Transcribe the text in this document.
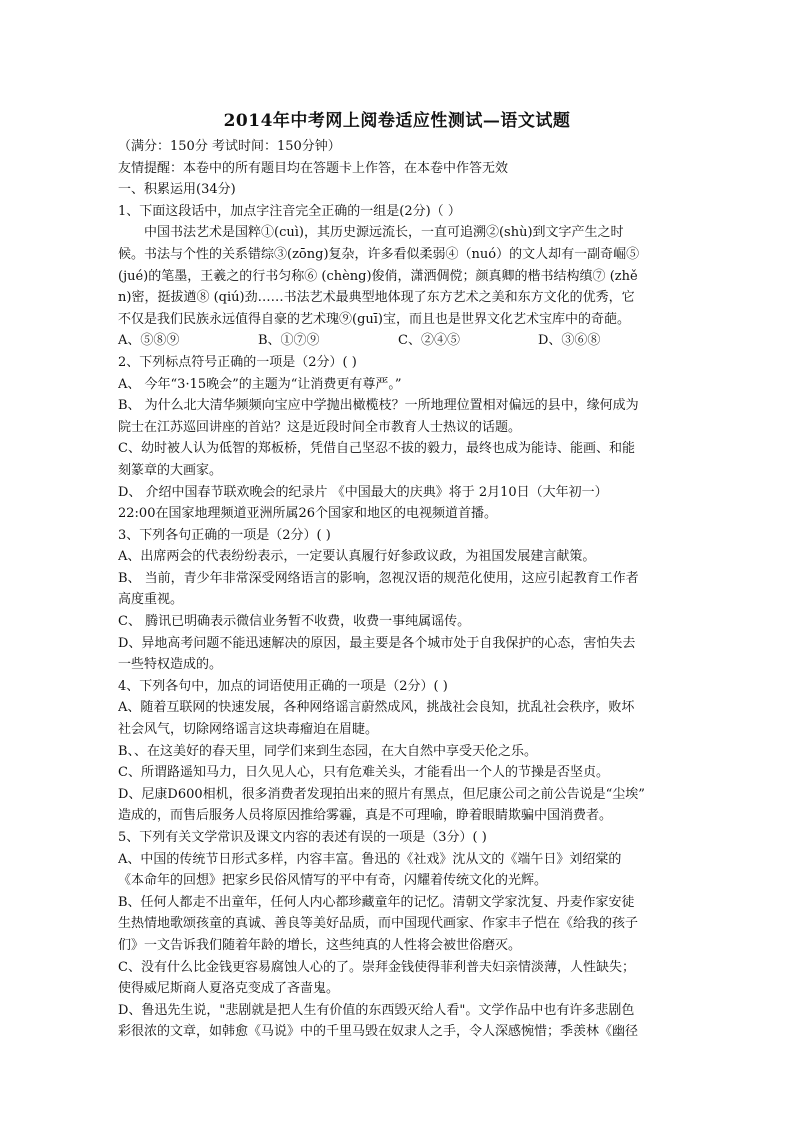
2014年中考网上阅卷适应性测试—语文试题
（满分：150分 考试时间：150分钟）
友情提醒：本卷中的所有题目均在答题卡上作答，在本卷中作答无效
一、积累运用(34分)
1、下面这段话中，加点字注音完全正确的一组是(2分)（ ）
中国书法艺术是国粹①(cuì)，其历史源远流长，一直可追溯②(shù)到文字产生之时
候。书法与个性的关系错综③(zōng)复杂，许多看似柔弱④（nuó）的文人却有一副奇崛⑤
(jué)的笔墨，王羲之的行书匀称⑥ (chèng)俊俏，潇洒倜傥；颜真卿的楷书结构缜⑦ (zhě
n)密，挺拔遒⑧ (qiú)劲……书法艺术最典型地体现了东方艺术之美和东方文化的优秀，它
不仅是我们民族永远值得自豪的艺术瑰⑨(guī)宝，而且也是世界文化艺术宝库中的奇葩。
A、⑤⑧⑨	B、①⑦⑨	C、②④⑤	D、③⑥⑧
2、下列标点符号正确的一项是（2分）( )
A、 今年“3·15晚会”的主题为“让消费更有尊严。”
B、 为什么北大清华频频向宝应中学抛出橄榄枝？一所地理位置相对偏远的县中，缘何成为
院士在江苏巡回讲座的首站？这是近段时间全市教育人士热议的话题。
C、幼时被人认为低智的郑板桥，凭借自己坚忍不拔的毅力，最终也成为能诗、能画、和能
刻篆章的大画家。
D、 介绍中国春节联欢晚会的纪录片 《中国最大的庆典》将于 2月10日（大年初一）
22:00在国家地理频道亚洲所属26个国家和地区的电视频道首播。
3、下列各句正确的一项是（2分）( )
A、出席两会的代表纷纷表示，一定要认真履行好参政议政，为祖国发展建言献策。
B、 当前，青少年非常深受网络语言的影响，忽视汉语的规范化使用，这应引起教育工作者
高度重视。
C、 腾讯已明确表示微信业务暂不收费，收费一事纯属谣传。
D、异地高考问题不能迅速解决的原因，最主要是各个城市处于自我保护的心态，害怕失去
一些特权造成的。
4、下列各句中，加点的词语使用正确的一项是（2分）( )
A、随着互联网的快速发展，各种网络谣言蔚然成风，挑战社会良知，扰乱社会秩序，败坏
社会风气，切除网络谣言这块毒瘤迫在眉睫。
B、、在这美好的春天里，同学们来到生态园，在大自然中享受天伦之乐。
C、所谓路遥知马力，日久见人心，只有危难关头，才能看出一个人的节操是否坚贞。
D、尼康D600相机，很多消费者发现拍出来的照片有黑点，但尼康公司之前公告说是“尘埃”
造成的，而售后服务人员将原因推给雾霾，真是不可理喻，睁着眼睛欺骗中国消费者。
5、下列有关文学常识及课文内容的表述有误的一项是（3分）( )
A、中国的传统节日形式多样，内容丰富。鲁迅的《社戏》沈从文的《端午日》刘绍棠的
《本命年的回想》把家乡民俗风情写的平中有奇，闪耀着传统文化的光辉。
B、任何人都走不出童年，任何人内心都珍藏童年的记忆。清朝文学家沈复、丹麦作家安徒
生热情地歌颂孩童的真诚、善良等美好品质，而中国现代画家、作家丰子恺在《给我的孩子
们》一文告诉我们随着年龄的增长，这些纯真的人性将会被世俗磨灭。
C、没有什么比金钱更容易腐蚀人心的了。崇拜金钱使得菲利普夫妇亲情淡薄，人性缺失；
使得威尼斯商人夏洛克变成了吝啬鬼。
D、鲁迅先生说，"悲剧就是把人生有价值的东西毁灭给人看"。文学作品中也有许多悲剧色
彩很浓的文章，如韩愈《马说》中的千里马毁在奴隶人之手，令人深感惋惜；季羡林《幽径
